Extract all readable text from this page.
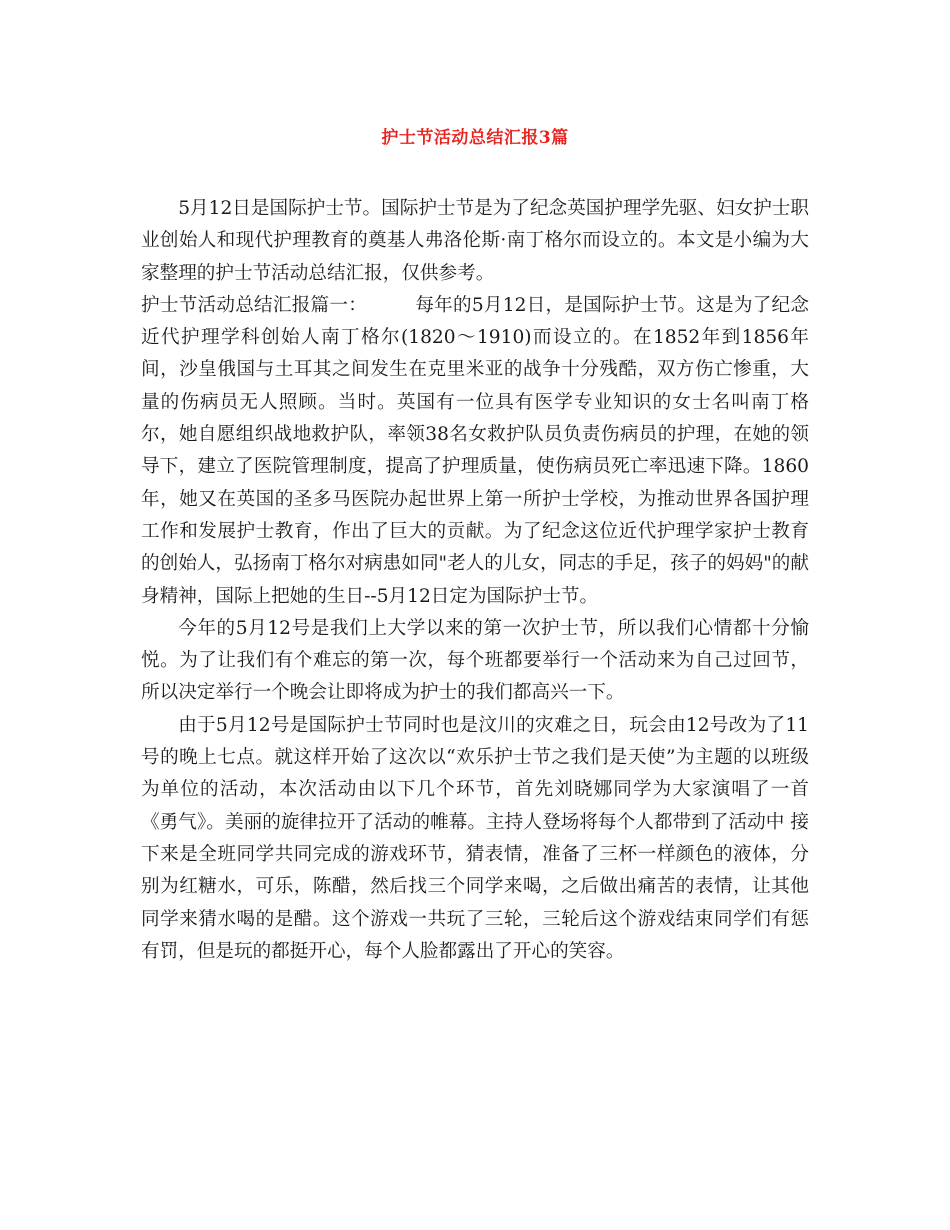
护士节活动总结汇报3篇

5月12日是国际护士节。国际护士节是为了纪念英国护理学先驱、妇女护士职业创始人和现代护理教育的奠基人弗洛伦斯·南丁格尔而设立的。本文是小编为大家整理的护士节活动总结汇报，仅供参考。

护士节活动总结汇报篇一：	每年的5月12日，是国际护士节。这是为了纪念近代护理学科创始人南丁格尔(1820～1910)而设立的。在1852年到1856年间，沙皇俄国与土耳其之间发生在克里米亚的战争十分残酷，双方伤亡惨重，大量的伤病员无人照顾。当时。英国有一位具有医学专业知识的女士名叫南丁格尔，她自愿组织战地救护队，率领38名女救护队员负责伤病员的护理，在她的领导下，建立了医院管理制度，提高了护理质量，使伤病员死亡率迅速下降。1860年，她又在英国的圣多马医院办起世界上第一所护士学校，为推动世界各国护理工作和发展护士教育，作出了巨大的贡献。为了纪念这位近代护理学家护士教育的创始人，弘扬南丁格尔对病患如同"老人的儿女，同志的手足，孩子的妈妈"的献身精神，国际上把她的生日--5月12日定为国际护士节。

今年的5月12号是我们上大学以来的第一次护士节，所以我们心情都十分愉悦。为了让我们有个难忘的第一次，每个班都要举行一个活动来为自己过回节，所以决定举行一个晚会让即将成为护士的我们都高兴一下。

由于5月12号是国际护士节同时也是汶川的灾难之日，玩会由12号改为了11号的晚上七点。就这样开始了这次以“欢乐护士节之我们是天使”为主题的以班级为单位的活动，本次活动由以下几个环节，首先刘晓娜同学为大家演唱了一首《勇气》。美丽的旋律拉开了活动的帷幕。主持人登场将每个人都带到了活动中 接下来是全班同学共同完成的游戏环节，猜表情，准备了三杯一样颜色的液体，分别为红糖水，可乐，陈醋，然后找三个同学来喝，之后做出痛苦的表情，让其他同学来猜水喝的是醋。这个游戏一共玩了三轮，三轮后这个游戏结束同学们有惩有罚，但是玩的都挺开心，每个人脸都露出了开心的笑容。
